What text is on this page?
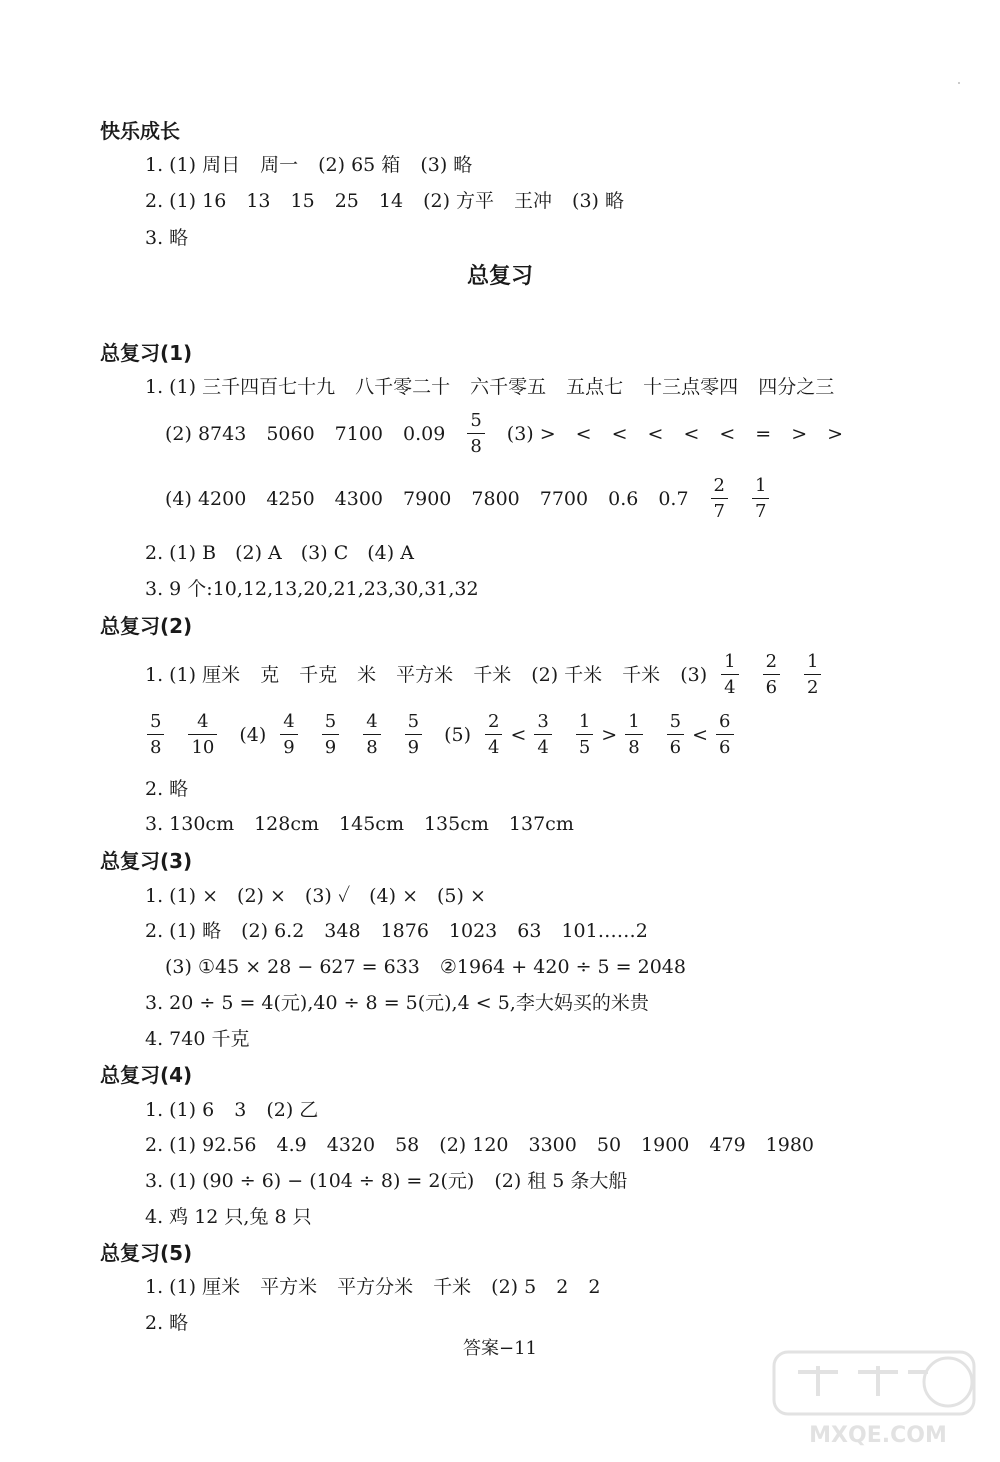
快乐成长
1. (1) 周日 周一 (2) 65 箱 (3) 略
2. (1) 16 13 15 25 14 (2) 方平 王冲 (3) 略
3. 略
总复习
总复习(1)
1. (1) 三千四百七十九 八千零二十 六千零五 五点七 十三点零四 四分之三
(2) 8743 5060 7100 $0.09 \frac{5}{8} (3)$ > < < < < < = > >
(4) 4200 4250 4300 7900 7800 7700 0.6 $0.7 \frac{2}{7} \frac{1}{7}$
2. (1) B　(2) A　(3) C　(4) A
3. 9 个:10,12,13,20,21,23,30,31,32
总复习(2)
1. (1) 厘米 克 千克 米 平方米 千米 (2) 千米 千米 $(3) \frac{1}{4} \frac{2}{6} \frac{1}{2}$
$\frac{5}{8} \frac{4}{10} (4) \frac{4}{9} \frac{5}{9} \frac{4}{8} \frac{5}{9} (5) \frac{2}{4} < \frac{3}{4} \frac{1}{5} > \frac{1}{8} \frac{5}{6} < \frac{6}{6}$
2. 略
3. 130cm 128cm 145cm 135cm 137cm
总复习(3)
1. (1) ×　(2) ×　(3) ✓　(4) ×　(5) ×
2. (1) 略 (2) 6.2 348 1876 1023 63 101……2
(3) ①45 × 28 − 627 = 633 ②1964 + 420 ÷ 5 = 2048
3. 20 ÷ 5 = 4(元),40 ÷ 8 = 5(元),4 < 5,李大妈买的米贵
4. 740 千克
总复习(4)
1. (1) 6 3 (2) 乙
2. (1) 92.56 4.9 4320 58 (2) 120 3300 50 1900 479 1980
3. (1) (90 ÷ 6) − (104 ÷ 8) = 2(元) (2) 租 5 条大船
4. 鸡 12 只,兔 8 只
总复习(5)
1. (1) 厘米 平方米 平方分米 千米 (2) 5 2 2
2. 略
答案−11
MXQE.COM
